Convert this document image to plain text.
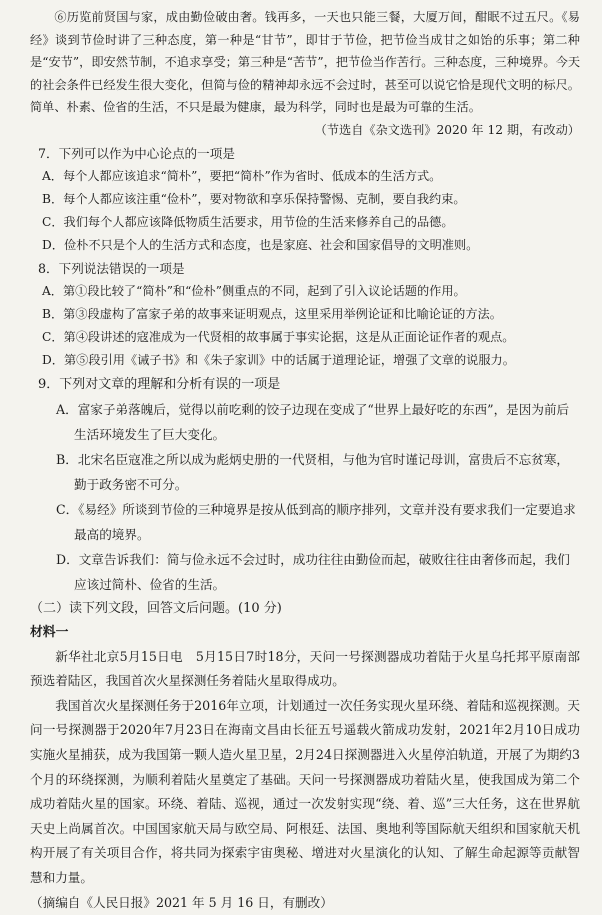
⑥历览前贤国与家，成由勤俭破由奢。钱再多，一天也只能三餐，大厦万间，酣眠不过五尺。《易经》谈到节俭时讲了三种态度，第一种是“甘节”，即甘于节俭，把节俭当成甘之如饴的乐事；第二种是“安节”，即安然节制，不追求享受；第三种是“苦节”，把节俭当作苦行。三种态度，三种境界。今天的社会条件已经发生很大变化，但简与俭的精神却永远不会过时，甚至可以说它恰是现代文明的标尺。简单、朴素、俭省的生活，不只是最为健康，最为科学，同时也是最为可靠的生活。

（节选自《杂文选刊》2020 年 12 期，有改动）

7．下列可以作为中心论点的一项是

A．每个人都应该追求“简朴”，要把“简朴”作为省时、低成本的生活方式。

B．每个人都应该注重“俭朴”，要对物欲和享乐保持警惕、克制，要自我约束。

C．我们每个人都应该降低物质生活要求，用节俭的生活来修养自己的品德。

D．俭朴不只是个人的生活方式和态度，也是家庭、社会和国家倡导的文明准则。

8．下列说法错误的一项是

A．第①段比较了“简朴”和“俭朴”侧重点的不同，起到了引入议论话题的作用。

B．第③段虚构了富家子弟的故事来证明观点，这里采用举例论证和比喻论证的方法。

C．第④段讲述的寇准成为一代贤相的故事属于事实论据，这是从正面论证作者的观点。

D．第⑤段引用《诫子书》和《朱子家训》中的话属于道理论证，增强了文章的说服力。

9．下列对文章的理解和分析有误的一项是

A．富家子弟落魄后，觉得以前吃剩的饺子边现在变成了“世界上最好吃的东西”，是因为前后生活环境发生了巨大变化。

B．北宋名臣寇准之所以成为彪炳史册的一代贤相，与他为官时谨记母训，富贵后不忘贫寒，勤于政务密不可分。

C．《易经》所谈到节俭的三种境界是按从低到高的顺序排列，文章并没有要求我们一定要追求最高的境界。

D．文章告诉我们：简与俭永远不会过时，成功往往由勤俭而起，破败往往由奢侈而起，我们应该过简朴、俭省的生活。

（二）读下列文段，回答文后问题。(10 分)

材料一

新华社北京5月15日电　5月15日7时18分，天问一号探测器成功着陆于火星乌托邦平原南部预选着陆区，我国首次火星探测任务着陆火星取得成功。

我国首次火星探测任务于2016年立项，计划通过一次任务实现火星环绕、着陆和巡视探测。天问一号探测器于2020年7月23日在海南文昌由长征五号遥载火箭成功发射，2021年2月10日成功实施火星捕获，成为我国第一颗人造火星卫星，2月24日探测器进入火星停泊轨道，开展了为期约3个月的环绕探测，为顺利着陆火星奠定了基础。天问一号探测器成功着陆火星，使我国成为第二个成功着陆火星的国家。环绕、着陆、巡视，通过一次发射实现“绕、着、巡”三大任务，这在世界航天史上尚属首次。中国国家航天局与欧空局、阿根廷、法国、奥地利等国际航天组织和国家航天机构开展了有关项目合作，将共同为探索宇宙奥秘、增进对火星演化的认知、了解生命起源等贡献智慧和力量。

（摘编自《人民日报》2021 年 5 月 16 日，有删改）
